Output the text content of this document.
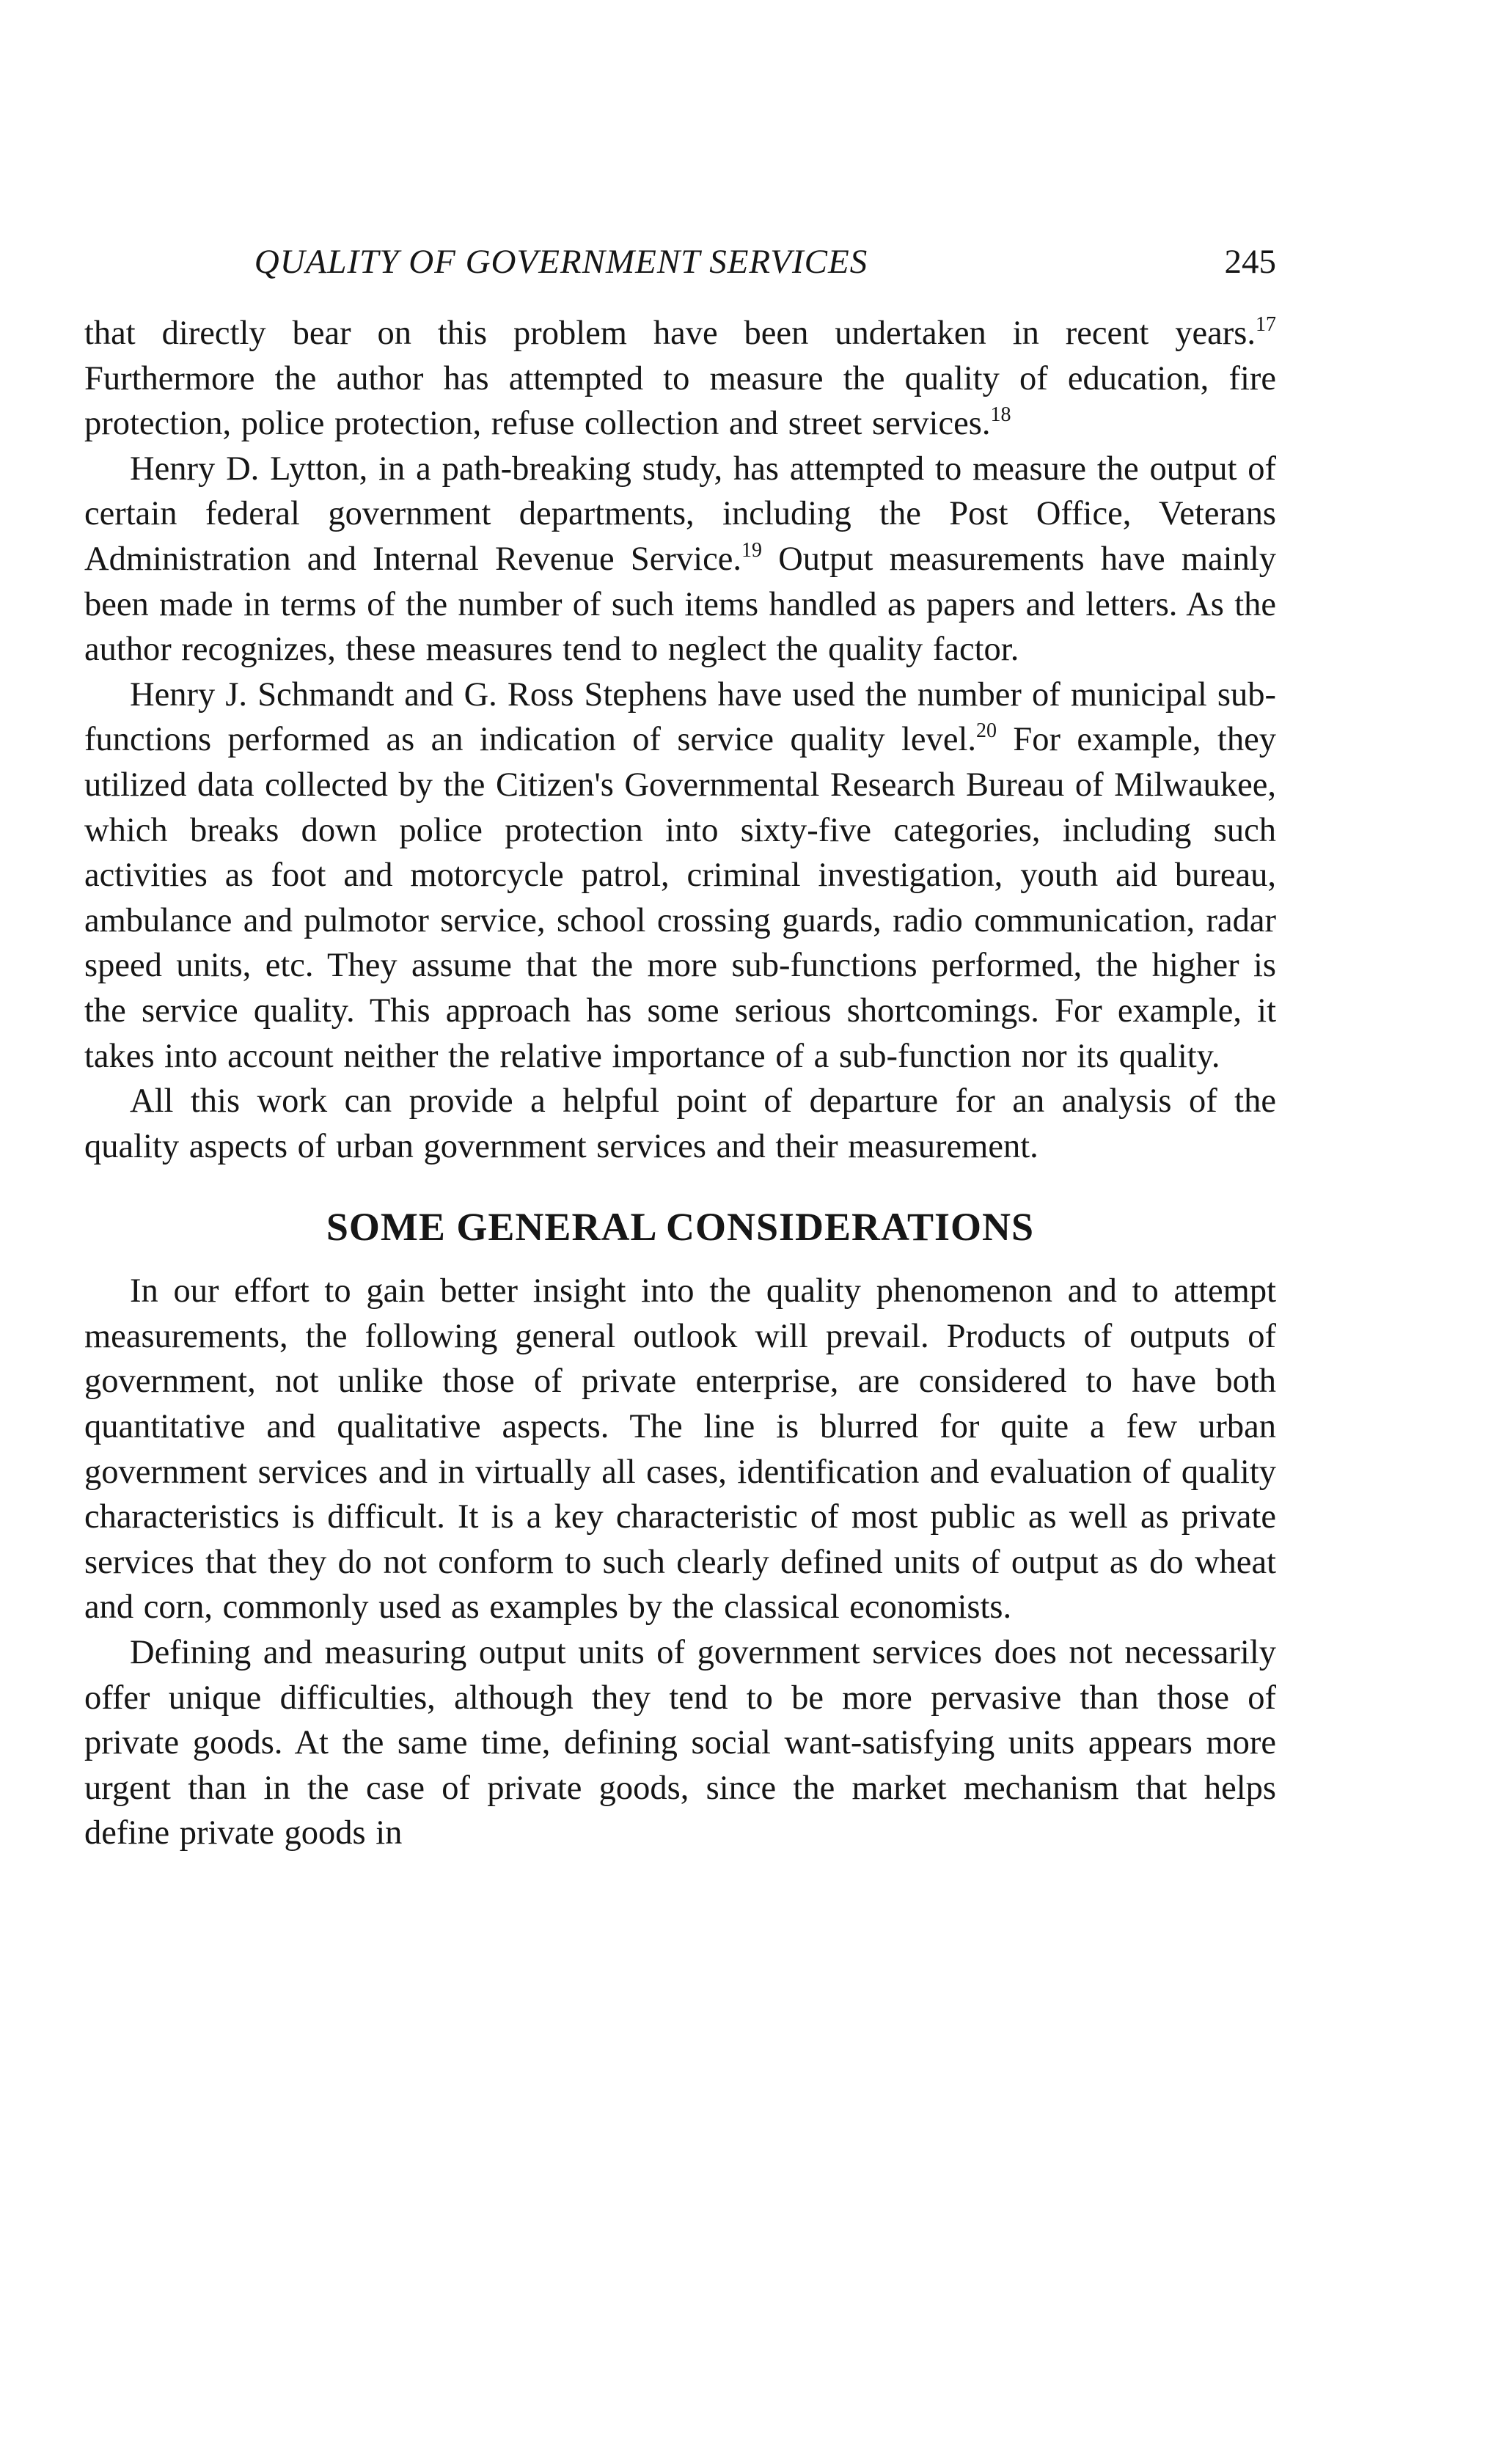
QUALITY OF GOVERNMENT SERVICES	245

that directly bear on this problem have been undertaken in recent years.$^{17}$ Furthermore the author has attempted to measure the quality of education, fire protection, police protection, refuse collection and street services.$^{18}$

Henry D. Lytton, in a path-breaking study, has attempted to measure the output of certain federal government departments, including the Post Office, Veterans Administration and Internal Revenue Service.$^{19}$ Output measurements have mainly been made in terms of the number of such items handled as papers and letters. As the author recognizes, these measures tend to neglect the quality factor.

Henry J. Schmandt and G. Ross Stephens have used the number of municipal sub-functions performed as an indication of service quality level.$^{20}$ For example, they utilized data collected by the Citizen's Governmental Research Bureau of Milwaukee, which breaks down police protection into sixty-five categories, including such activities as foot and motorcycle patrol, criminal investigation, youth aid bureau, ambulance and pulmotor service, school crossing guards, radio communication, radar speed units, etc. They assume that the more sub-functions performed, the higher is the service quality. This approach has some serious shortcomings. For example, it takes into account neither the relative importance of a sub-function nor its quality.

All this work can provide a helpful point of departure for an analysis of the quality aspects of urban government services and their measurement.

SOME GENERAL CONSIDERATIONS

In our effort to gain better insight into the quality phenomenon and to attempt measurements, the following general outlook will prevail. Products of outputs of government, not unlike those of private enterprise, are considered to have both quantitative and qualitative aspects. The line is blurred for quite a few urban government services and in virtually all cases, identification and evaluation of quality characteristics is difficult. It is a key characteristic of most public as well as private services that they do not conform to such clearly defined units of output as do wheat and corn, commonly used as examples by the classical economists.

Defining and measuring output units of government services does not necessarily offer unique difficulties, although they tend to be more pervasive than those of private goods. At the same time, defining social want-satisfying units appears more urgent than in the case of private goods, since the market mechanism that helps define private goods in
